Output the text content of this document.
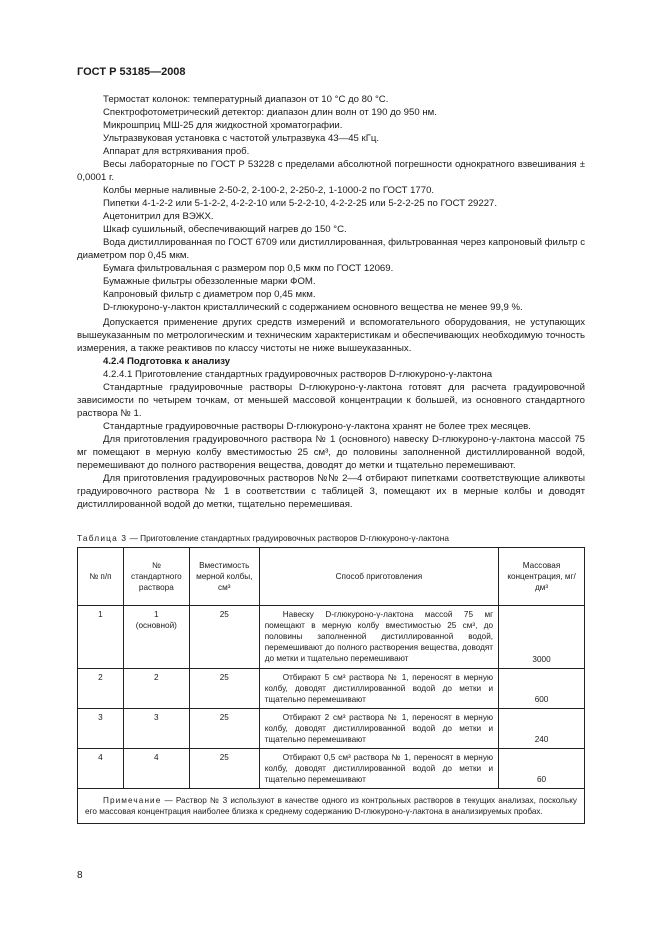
ГОСТ Р 53185—2008

Термостат колонок: температурный диапазон от 10 °С до 80 °С.

Спектрофотометрический детектор: диапазон длин волн от 190 до 950 нм.

Микрошприц МШ-25 для жидкостной хроматографии.

Ультразвуковая установка с частотой ультразвука 43—45 кГц.

Аппарат для встряхивания проб.

Весы лабораторные по ГОСТ Р 53228 с пределами абсолютной погрешности однократного взвешивания ± 0,0001 г.

Колбы мерные наливные 2-50-2, 2-100-2, 2-250-2, 1-1000-2 по ГОСТ 1770.

Пипетки 4-1-2-2 или 5-1-2-2, 4-2-2-10 или 5-2-2-10, 4-2-2-25 или 5-2-2-25 по ГОСТ 29227.

Ацетонитрил для ВЭЖХ.

Шкаф сушильный, обеспечивающий нагрев до 150 °С.

Вода дистиллированная по ГОСТ 6709 или дистиллированная, фильтрованная через капроновый фильтр с диаметром пор 0,45 мкм.

Бумага фильтровальная с размером пор 0,5 мкм по ГОСТ 12069.

Бумажные фильтры обеззоленные марки ФОМ.

Капроновый фильтр с диаметром пор 0,45 мкм.

D-глюкуроно-γ-лактон кристаллический с содержанием основного вещества не менее 99,9 %.

Допускается применение других средств измерений и вспомогательного оборудования, не уступающих вышеуказанным по метрологическим и техническим характеристикам и обеспечивающих необходимую точность измерения, а также реактивов по классу чистоты не ниже вышеуказанных.

4.2.4 Подготовка к анализу

4.2.4.1 Приготовление стандартных градуировочных растворов D-глюкуроно-γ-лактона

Стандартные градуировочные растворы D-глюкуроно-γ-лактона готовят для расчета градуировочной зависимости по четырем точкам, от меньшей массовой концентрации к большей, из основного стандартного раствора № 1.

Стандартные градуировочные растворы D-глюкуроно-γ-лактона хранят не более трех месяцев.

Для приготовления градуировочного раствора № 1 (основного) навеску D-глюкуроно-γ-лактона массой 75 мг помещают в мерную колбу вместимостью 25 см³, до половины заполненной дистиллированной водой, перемешивают до полного растворения вещества, доводят до метки и тщательно перемешивают.

Для приготовления градуировочных растворов №№ 2—4 отбирают пипетками соответствующие аликвоты градуировочного раствора № 1 в соответствии с таблицей 3, помещают их в мерные колбы и доводят дистиллированной водой до метки, тщательно перемешивая.

Таблица 3 — Приготовление стандартных градуировочных растворов D-глюкуроно-γ-лактона
№ п/п	№ стандартного раствора	Вместимость мерной колбы, см³	Способ приготовления	Массовая концентрация, мг/дм³
1	1
(основной)	25	Навеску D-глюкуроно-γ-лактона массой 75 мг помещают в мерную колбу вместимостью 25 см³, до половины заполненной дистиллированной водой, перемешивают до полного растворения вещества, доводят до метки и тщательно перемешивают	3000
2	2	25	Отбирают 5 см³ раствора № 1, переносят в мерную колбу, доводят дистиллированной водой до метки и тщательно перемешивают	600
3	3	25	Отбирают 2 см³ раствора № 1, переносят в мерную колбу, доводят дистиллированной водой до метки и тщательно перемешивают	240
4	4	25	Отбирают 0,5 см³ раствора № 1, переносят в мерную колбу, доводят дистиллированной водой до метки и тщательно перемешивают	60

Примечание — Раствор № 3 используют в качестве одного из контрольных растворов в текущих анализах, поскольку его массовая концентрация наиболее близка к среднему содержанию D-глюкуроно-γ-лактона в анализируемых пробах.				
8
